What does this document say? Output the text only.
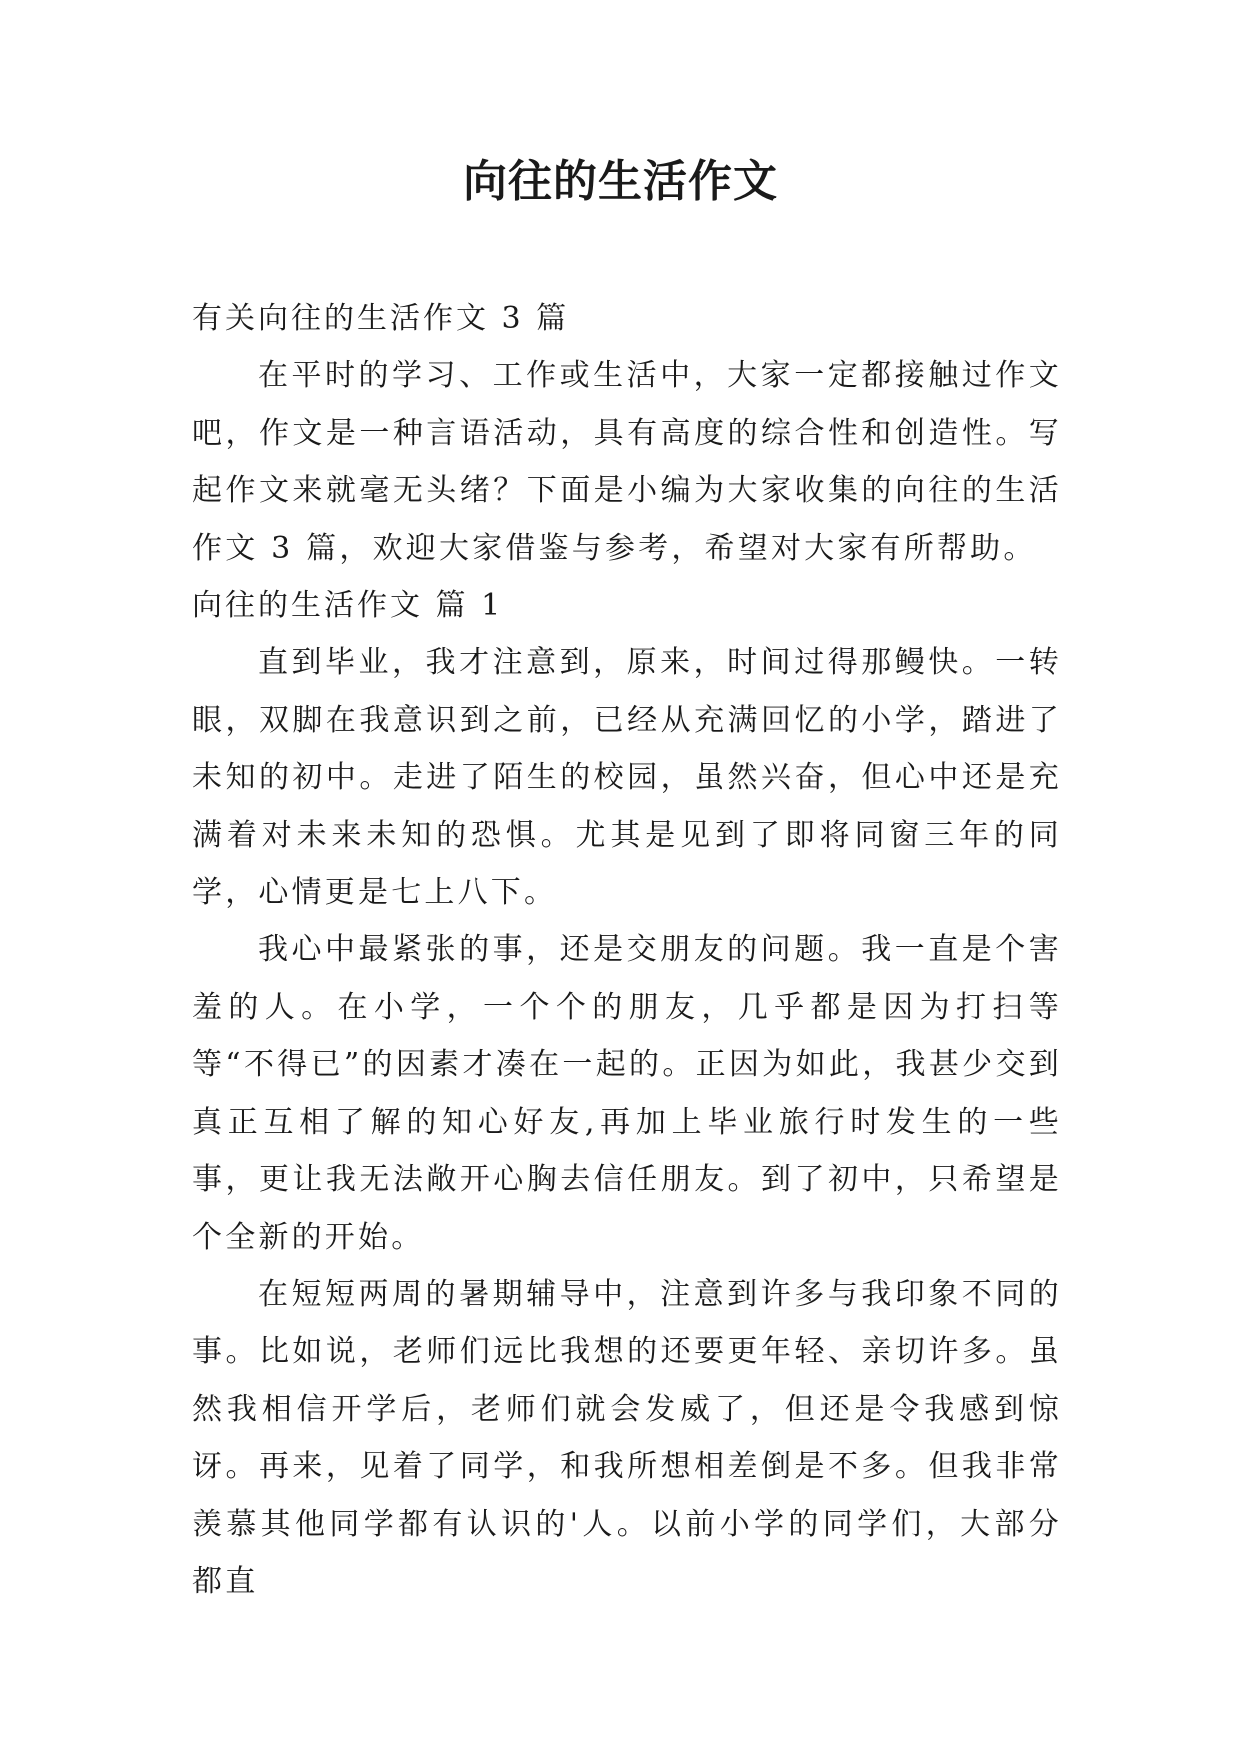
向往的生活作文

有关向往的生活作文 3 篇

在平时的学习、工作或生活中，大家一定都接触过作文吧，作文是一种言语活动，具有高度的综合性和创造性。写起作文来就毫无头绪？下面是小编为大家收集的向往的生活作文 3 篇，欢迎大家借鉴与参考，希望对大家有所帮助。

向往的生活作文 篇 1

直到毕业，我才注意到，原来，时间过得那鳗快。一转眼，双脚在我意识到之前，已经从充满回忆的小学，踏进了未知的初中。走进了陌生的校园，虽然兴奋，但心中还是充满着对未来未知的恐惧。尤其是见到了即将同窗三年的同学，心情更是七上八下。

我心中最紧张的事，还是交朋友的问题。我一直是个害羞的人。在小学，一个个的朋友，几乎都是因为打扫等等“不得已”的因素才凑在一起的。正因为如此，我甚少交到真正互相了解的知心好友,再加上毕业旅行时发生的一些事，更让我无法敞开心胸去信任朋友。到了初中，只希望是个全新的开始。

在短短两周的暑期辅导中，注意到许多与我印象不同的事。比如说，老师们远比我想的还要更年轻、亲切许多。虽然我相信开学后，老师们就会发威了，但还是令我感到惊讶。再来，见着了同学，和我所想相差倒是不多。但我非常羡慕其他同学都有认识的'人。以前小学的同学们，大部分都直
